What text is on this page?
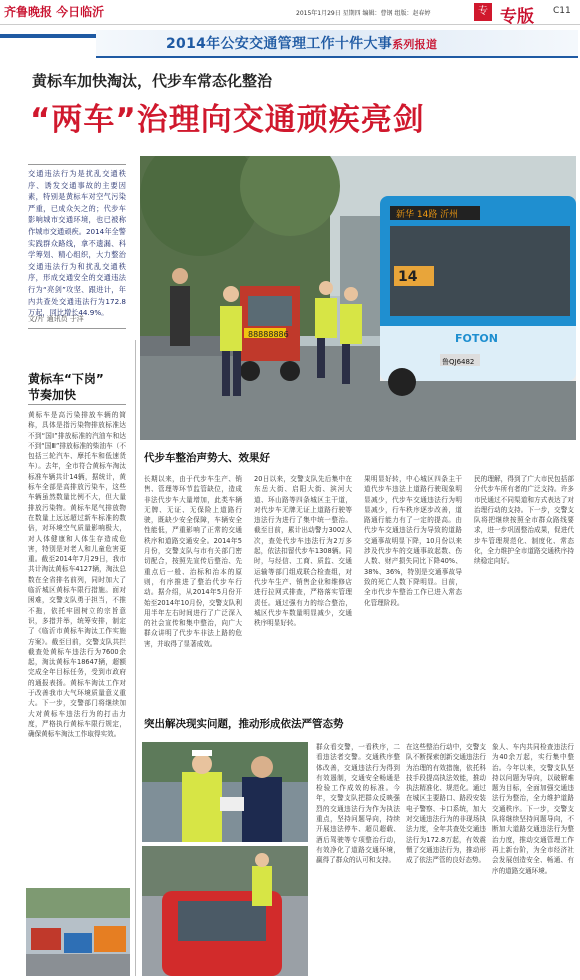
齐鲁晚报 今日临沂	2015年1月29日 星期四 编辑：曹钢 组版：赵春婷	专 专版 C11
2014年公安交通管理工作十件大事系列报道
黄标车加快淘汰，代步车常态化整治
“两车”治理向交通顽疾亮剑
交通违法行为是扰乱交通秩序、诱发交通事故的主要因素，特别是黄标车对空气污染严重，已成众矢之的；代步车影响城市交通环境，也已被称作城市交通顽疾。2014年全警实践群众路线，拿不遗漏、科学筹划、精心组织，大力整治交通违法行为和扰乱交通秩序，形成交通安全的交通违法行为“亮剑”攻坚、跟进计，年内共查处交通违法行为172.8万起，同比增长44.9%。
文/片 通讯员 于洋
88888886
新华 14路 沂州
14
FOTON
鲁QJ6482
黄标车“下岗”
节奏加快
黄标车是高污染排放车辆的简称，具体是指污染物排放标准达不到“国Ⅰ”排放标准的汽油车和达不到“国Ⅲ”排放标准的柴油车（不包括三轮汽车、摩托车和低速货车）。去年，全市符合黄标车淘汰标准车辆共计14辆，据统计，黄标车全部是高排放污染车，这些车辆虽然数量比例不大，但大量排放污染物。黄标车尾气排放物在数量上远远超过新车标准的数倍，对环境空气质量影响极大，对人体健康和人体生存造成危害，特别是对老人和儿童危害更重。截至2014年7月29日，我市共计淘汰黄标车4127辆，淘汰总数在全省排名前列，同时加大了临沂城区黄标车限行措施。面对困难，交警支队勇于担当，不推不拖，依托牢固树立的宗旨意识，多措并举，统筹安排，制定了《临沂市黄标车淘汰工作实施方案》。截至目前，交警支队共拦截查处黄标车违法行为7600余起，淘汰黄标车18647辆，超额完成全年目标任务，受到市政府的通报表扬。黄标车淘汰工作对于改善我市大气环境质量意义重大。下一步，交警部门将继续加大对黄标车违法行为的打击力度，严格执行黄标车限行规定，确保黄标车淘汰工作取得实效。
代步车整治声势大、效果好
长期以来，由于代步车生产、销售、管理等环节监管缺位，造成非法代步车大量增加，此类车辆无牌、无证、无保险上道路行驶，既缺少安全保障，车辆安全性能低，严重影响了正常的交通秩序和道路交通安全。2014年5月份，交警支队与市有关部门密切配合，按照先宣传后整治、先重点后一般、治标和治本的原则，有序推进了整治代步车行动。据介绍，从2014年5月份开始至2014年10月份，交警支队利用半年左右时间进行了广泛深入的社会宣传和集中整治，向广大群众讲明了代步车非法上路的危害，并取得了显著成效。
20日以来，交警支队先后集中在东岳大街、启阳大街、滨河大道、环山路等四条城区主干道，对代步车无牌无证上道路行驶等违法行为进行了集中统一整治。截至目前，累计出动警力3002人次，查处代步车违法行为2万多起，依法扣留代步车1308辆。同时，与经信、工商、质监、交通运输等部门组成联合检查组，对代步车生产、销售企业和维修店进行拉网式排查，严格落实管理责任。通过强有力的综合整治，城区代步车数量明显减少，交通秩序明显好转。
果明显好转，中心城区四条主干道代步车违法上道路行驶现象明显减少，代步车交通违法行为明显减少，行车秩序逐步改善，道路通行能力有了一定的提高。由代步车交通违法行为导致的道路交通事故明显下降，10月份以来涉及代步车的交通事故起数、伤人数、财产损失同比下降40%、38%、36%，特别是交通事故导致的死亡人数下降明显。目前，全市代步车整治工作已进入常态化管理阶段。
民的理解，得到了广大市民包括部分代步车所有者的广泛支持。许多市民通过不同渠道和方式表达了对治理行动的支持。下一步，交警支队将把继续按照全市群众路线要求，进一步巩固整治成果，促进代步车管理规范化、制度化、常态化，全力维护全市道路交通秩序持续稳定向好。
突出解决现实问题，推动形成依法严管态势
群众看交警，一看秩序，二看违法者交警。交通秩序整体改善，交通违法行为得到有效遏制，交通安全畅通是检验工作成效的标准。今年，交警支队把群众反映强烈的交通违法行为作为执法重点，坚持问题导向，持续开展违法停车、超员超载、酒后驾驶等专项整治行动，有效净化了道路交通环境，赢得了群众的认可和支持。
在这些整治行动中，交警支队不断探索创新交通违法行为治理的有效措施，依托科技手段提高执法效能，推动执法精准化、规范化。通过在城区主要路口、路段安装电子警察、卡口系统，加大对交通违法行为的非现场执法力度，全年共查处交通违法行为172.8万起，有效震慑了交通违法行为，推动形成了依法严管的良好态势。
象人、车内共同检查违法行为40余万起，实行集中整治。今年以来，交警支队坚持以问题为导向，以破解难题为目标，全面加强交通违法行为整治，全力维护道路交通秩序。下一步，交警支队将继续坚持问题导向，不断加大道路交通违法行为整治力度，推动交通管理工作再上新台阶，为全市经济社会发展创造安全、畅通、有序的道路交通环境。
